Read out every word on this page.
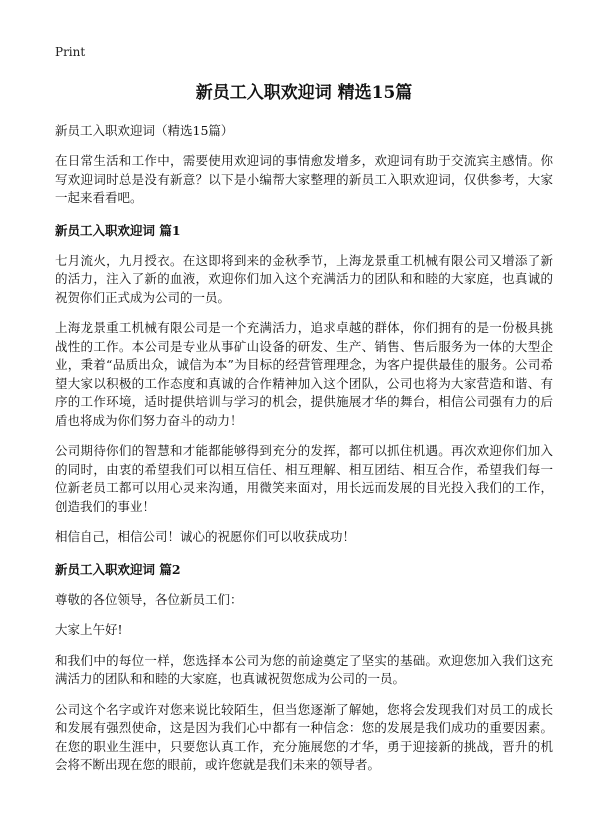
Print
新员工入职欢迎词 精选15篇
新员工入职欢迎词（精选15篇）

在日常生活和工作中，需要使用欢迎词的事情愈发增多，欢迎词有助于交流宾主感情。你写欢迎词时总是没有新意？以下是小编帮大家整理的新员工入职欢迎词，仅供参考，大家一起来看看吧。

新员工入职欢迎词 篇1

七月流火，九月授衣。在这即将到来的金秋季节，上海龙景重工机械有限公司又增添了新的活力，注入了新的血液，欢迎你们加入这个充满活力的团队和和睦的大家庭，也真诚的祝贺你们正式成为公司的一员。

上海龙景重工机械有限公司是一个充满活力，追求卓越的群体，你们拥有的是一份极具挑战性的工作。本公司是专业从事矿山设备的研发、生产、销售、售后服务为一体的大型企业，秉着“品质出众，诚信为本”为目标的经营管理理念，为客户提供最佳的服务。公司希望大家以积极的工作态度和真诚的合作精神加入这个团队，公司也将为大家营造和谐、有序的工作环境，适时提供培训与学习的机会，提供施展才华的舞台，相信公司强有力的后盾也将成为你们努力奋斗的动力！

公司期待你们的智慧和才能都能够得到充分的发挥，都可以抓住机遇。再次欢迎你们加入的同时，由衷的希望我们可以相互信任、相互理解、相互团结、相互合作，希望我们每一位新老员工都可以用心灵来沟通，用微笑来面对，用长远而发展的目光投入我们的工作，创造我们的事业！

相信自己，相信公司！诚心的祝愿你们可以收获成功！

新员工入职欢迎词 篇2

尊敬的各位领导，各位新员工们：

大家上午好!

和我们中的每位一样，您选择本公司为您的前途奠定了坚实的基础。欢迎您加入我们这充满活力的团队和和睦的大家庭，也真诚祝贺您成为公司的一员。

公司这个名字或许对您来说比较陌生，但当您逐渐了解她，您将会发现我们对员工的成长和发展有强烈使命，这是因为我们心中都有一种信念：您的发展是我们成功的重要因素。在您的职业生涯中，只要您认真工作，充分施展您的才华，勇于迎接新的挑战，晋升的机会将不断出现在您的眼前，或许您就是我们未来的领导者。
